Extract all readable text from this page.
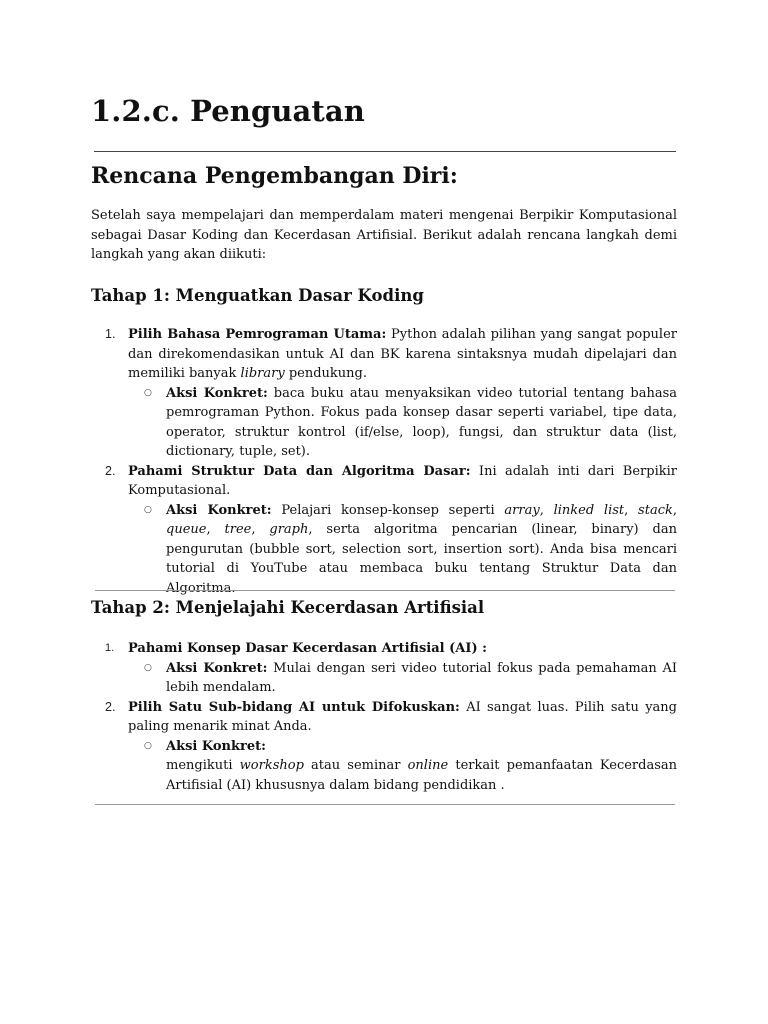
1.2.c. Penguatan
Rencana Pengembangan Diri:

Setelah saya mempelajari dan memperdalam materi mengenai Berpikir Komputasional sebagai Dasar Koding dan Kecerdasan Artifisial. Berikut adalah rencana langkah demi langkah yang akan diikuti:

Tahap 1: Menguatkan Dasar Koding
1. Pilih Bahasa Pemrograman Utama: Python adalah pilihan yang sangat populer dan direkomendasikan untuk AI dan BK karena sintaksnya mudah dipelajari dan memiliki banyak library pendukung.
○ Aksi Konkret: baca buku atau menyaksikan video tutorial tentang bahasa pemrograman Python. Fokus pada konsep dasar seperti variabel, tipe data, operator, struktur kontrol (if/else, loop), fungsi, dan struktur data (list, dictionary, tuple, set).
2. Pahami Struktur Data dan Algoritma Dasar: Ini adalah inti dari Berpikir Komputasional.
○ Aksi Konkret: Pelajari konsep-konsep seperti array, linked list, stack, queue, tree, graph, serta algoritma pencarian (linear, binary) dan pengurutan (bubble sort, selection sort, insertion sort). Anda bisa mencari tutorial di YouTube atau membaca buku tentang Struktur Data dan Algoritma.
Tahap 2: Menjelajahi Kecerdasan Artifisial
1. Pahami Konsep Dasar Kecerdasan Artifisial (AI) :
○ Aksi Konkret: Mulai dengan seri video tutorial fokus pada pemahaman AI lebih mendalam.
2. Pilih Satu Sub-bidang AI untuk Difokuskan: AI sangat luas. Pilih satu yang paling menarik minat Anda.
○ Aksi Konkret:
mengikuti workshop atau seminar online terkait pemanfaatan Kecerdasan Artifisial (AI) khususnya dalam bidang pendidikan .
